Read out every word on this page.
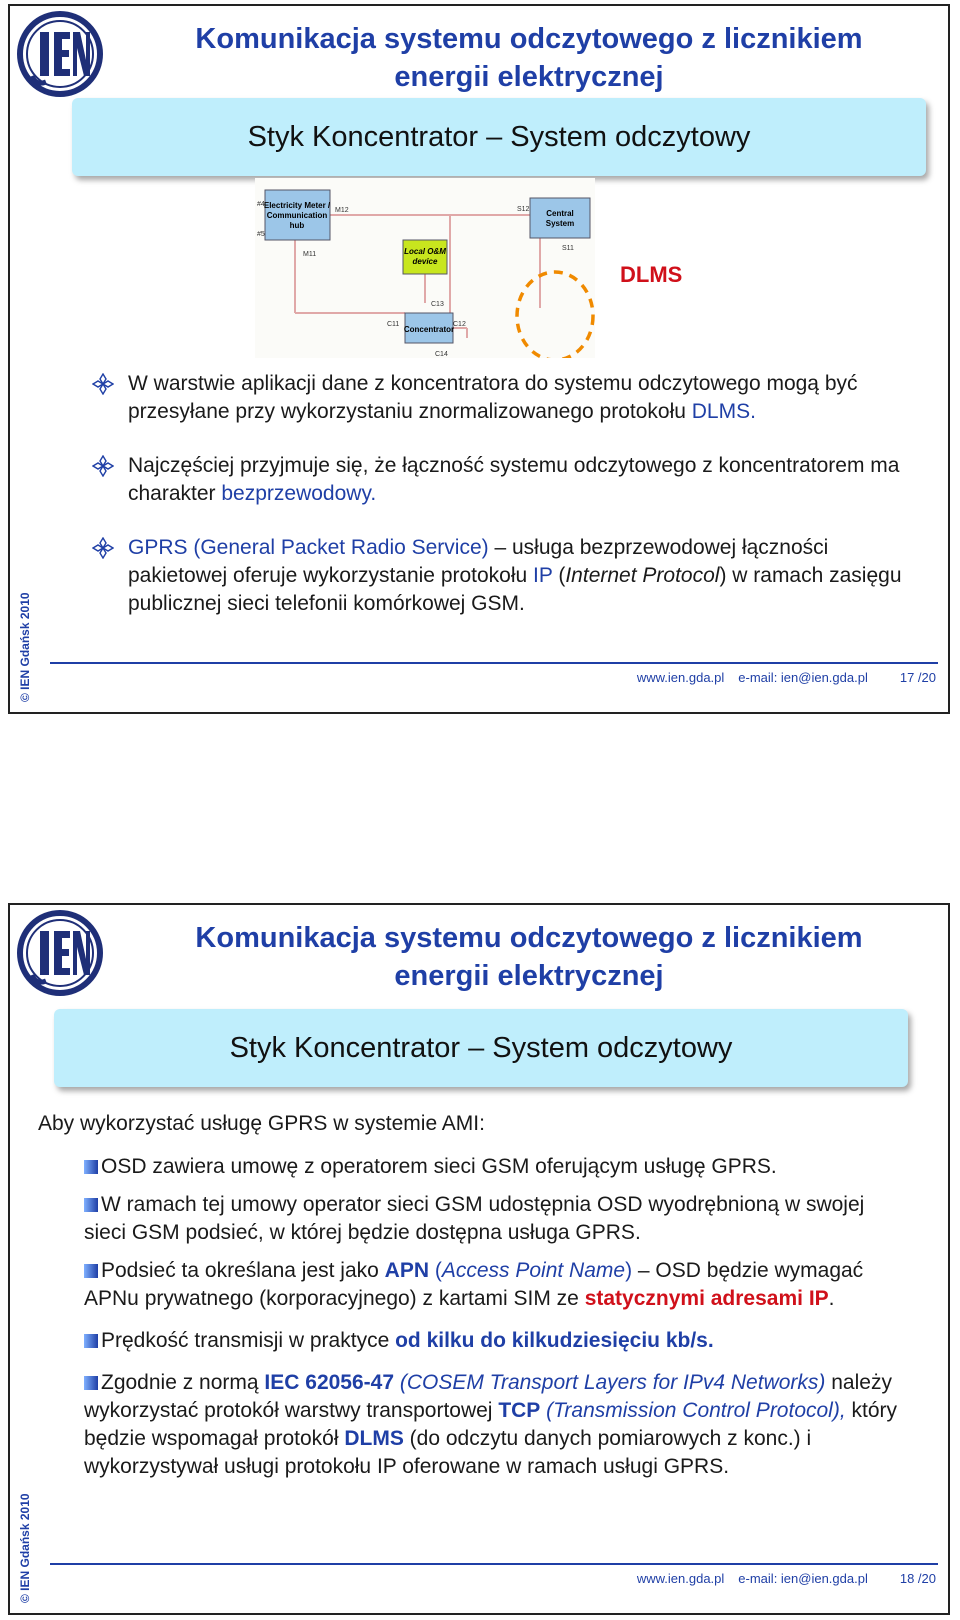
Komunikacja systemu odczytowego z licznikiem
energii elektrycznej
Styk Koncentrator – System odczytowy
Electricity Meter / Communication hub
Local O&M device
Central System
Concentrator
M12
M11
S12
S11
C13
C11	C12
C14
#4
#5
DLMS
W warstwie aplikacji dane z koncentratora do systemu odczytowego mogą być przesyłane przy wykorzystaniu znormalizowanego protokołu DLMS.
Najczęściej przyjmuje się, że łączność systemu odczytowego z koncentratorem ma charakter bezprzewodowy.
GPRS (General Packet Radio Service) – usługa bezprzewodowej łączności pakietowej oferuje wykorzystanie protokołu IP (Internet Protocol) w ramach zasięgu publicznej sieci telefonii komórkowej GSM.
© IEN Gdańsk 2010	www.ien.gda.pl e-mail: ien@ien.gda.pl 17 /20
Komunikacja systemu odczytowego z licznikiem
energii elektrycznej
Styk Koncentrator – System odczytowy
Aby wykorzystać usługę GPRS w systemie AMI:
OSD zawiera umowę z operatorem sieci GSM oferującym usługę GPRS.
W ramach tej umowy operator sieci GSM udostępnia OSD wyodrębnioną w swojej sieci GSM podsieć, w której będzie dostępna usługa GPRS.
Podsieć ta określana jest jako APN (Access Point Name) – OSD będzie wymagać APNu prywatnego (korporacyjnego) z kartami SIM ze statycznymi adresami IP.
Prędkość transmisji w praktyce od kilku do kilkudziesięciu kb/s.
Zgodnie z normą IEC 62056-47 (COSEM Transport Layers for IPv4 Networks) należy wykorzystać protokół warstwy transportowej TCP (Transmission Control Protocol), który będzie wspomagał protokół DLMS (do odczytu danych pomiarowych z konc.) i wykorzystywał usługi protokołu IP oferowane w ramach usługi GPRS.
© IEN Gdańsk 2010	www.ien.gda.pl e-mail: ien@ien.gda.pl 18 /20
